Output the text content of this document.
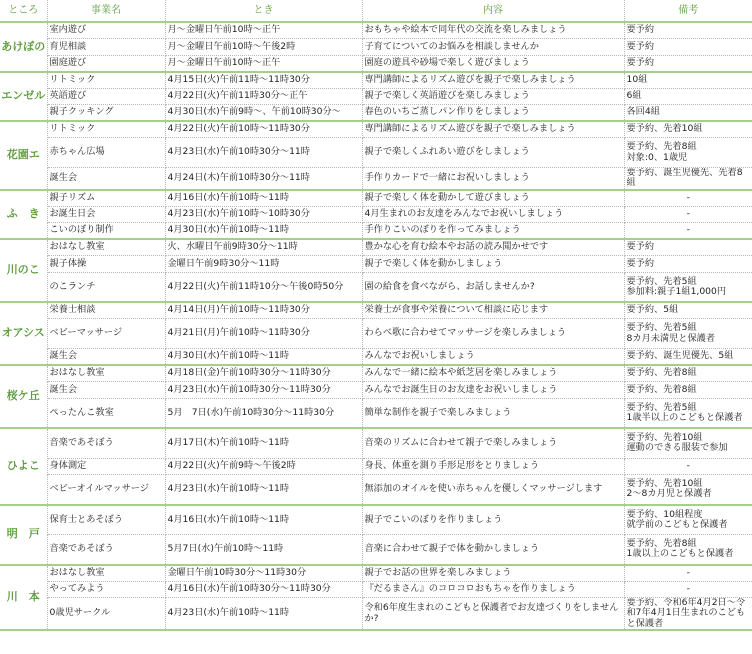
ところ	事業名	とき	内容	備考
あけぼの	室内遊び	月～金曜日午前10時～正午	おもちゃや絵本で同年代の交流を楽しみましょう	要予約
	育児相談	月～金曜日午前10時～午後2時	子育てについてのお悩みを相談しませんか	要予約
	園庭遊び	月～金曜日午前10時～正午	園庭の遊具や砂場で楽しく遊びましょう	要予約
エンゼル	リトミック	4月15日(火)午前11時～11時30分	専門講師によるリズム遊びを親子で楽しみましょう	10組
	英語遊び	4月22日(火)午前11時30分～正午	親子で楽しく英語遊びを楽しみましょう	6組
	親子クッキング	4月30日(水)午前9時～、午前10時30分～	春色のいちご蒸しパン作りをしましょう	各回4組
花園エ	リトミック	4月22日(火)午前10時～11時30分	専門講師によるリズム遊びを親子で楽しみましょう	要予約、先着10組
	赤ちゃん広場	4月23日(水)午前10時30分～11時	親子で楽しくふれあい遊びをしましょう	要予約、先着8組
対象:0、1歳児
	誕生会	4月24日(木)午前10時30分～11時	手作りカードで一緒にお祝いしましょう	要予約、誕生児優先、先着8組
ふ　き	親子リズム	4月16日(水)午前10時～11時	親子で楽しく体を動かして遊びましょう	-
	お誕生日会	4月23日(水)午前10時～10時30分	4月生まれのお友達をみんなでお祝いしましょう	-
	こいのぼり制作	4月30日(水)午前10時～11時	手作りこいのぼりを作ってみましょう	-
川のこ	おはなし教室	火、水曜日午前9時30分～11時	豊かな心を育む絵本やお話の読み聞かせです	要予約
	親子体操	金曜日午前9時30分～11時	親子で楽しく体を動かしましょう	要予約
	のこランチ	4月22日(火)午前11時10分～午後0時50分	園の給食を食べながら、お話しませんか?	要予約、先着5組
参加料:親子1組1,000円
オアシス	栄養士相談	4月14日(月)午前10時～11時30分	栄養士が食事や栄養について相談に応じます	要予約、5組
	ベビーマッサージ	4月21日(月)午前10時～11時30分	わらべ歌に合わせてマッサージを楽しみましょう	要予約、先着5組
8カ月未満児と保護者
	誕生会	4月30日(水)午前10時～11時	みんなでお祝いしましょう	要予約、誕生児優先、5組
桜ケ丘	おはなし教室	4月18日(金)午前10時30分～11時30分	みんなで一緒に絵本や紙芝居を楽しみましょう	要予約、先着8組
	誕生会	4月23日(水)午前10時30分～11時30分	みんなでお誕生日のお友達をお祝いしましょう	要予約、先着8組
	ぺったんこ教室	5月　7日(水)午前10時30分～11時30分	簡単な制作を親子で楽しみましょう	要予約、先着5組
1歳半以上のこどもと保護者
ひよこ	音楽であそぼう	4月17日(木)午前10時～11時	音楽のリズムに合わせて親子で楽しみましょう	要予約、先着10組
運動のできる服装で参加
	身体測定	4月22日(火)午前9時～午後2時	身長、体重を測り手形足形をとりましょう	-
	ベビーオイルマッサージ	4月23日(水)午前10時～11時	無添加のオイルを使い赤ちゃんを優しくマッサージします	要予約、先着10組
2～8カ月児と保護者
明　戸	保育士とあそぼう	4月16日(水)午前10時～11時	親子でこいのぼりを作りましょう	要予約、10組程度
就学前のこどもと保護者
	音楽であそぼう	5月7日(水)午前10時～11時	音楽に合わせて親子で体を動かしましょう	要予約、先着8組
1歳以上のこどもと保護者
川　本	おはなし教室	金曜日午前10時30分～11時30分	親子でお話の世界を楽しみましょう	-
	やってみよう	4月16日(水)午前10時30分～11時30分	『だるまさん』のコロコロおもちゃを作りましょう	-
	0歳児サークル	4月23日(水)午前10時～11時	令和6年度生まれのこどもと保護者でお友達づくりをしませんか?	要予約、令和6年4月2日～令和7年4月1日生まれのこどもと保護者
